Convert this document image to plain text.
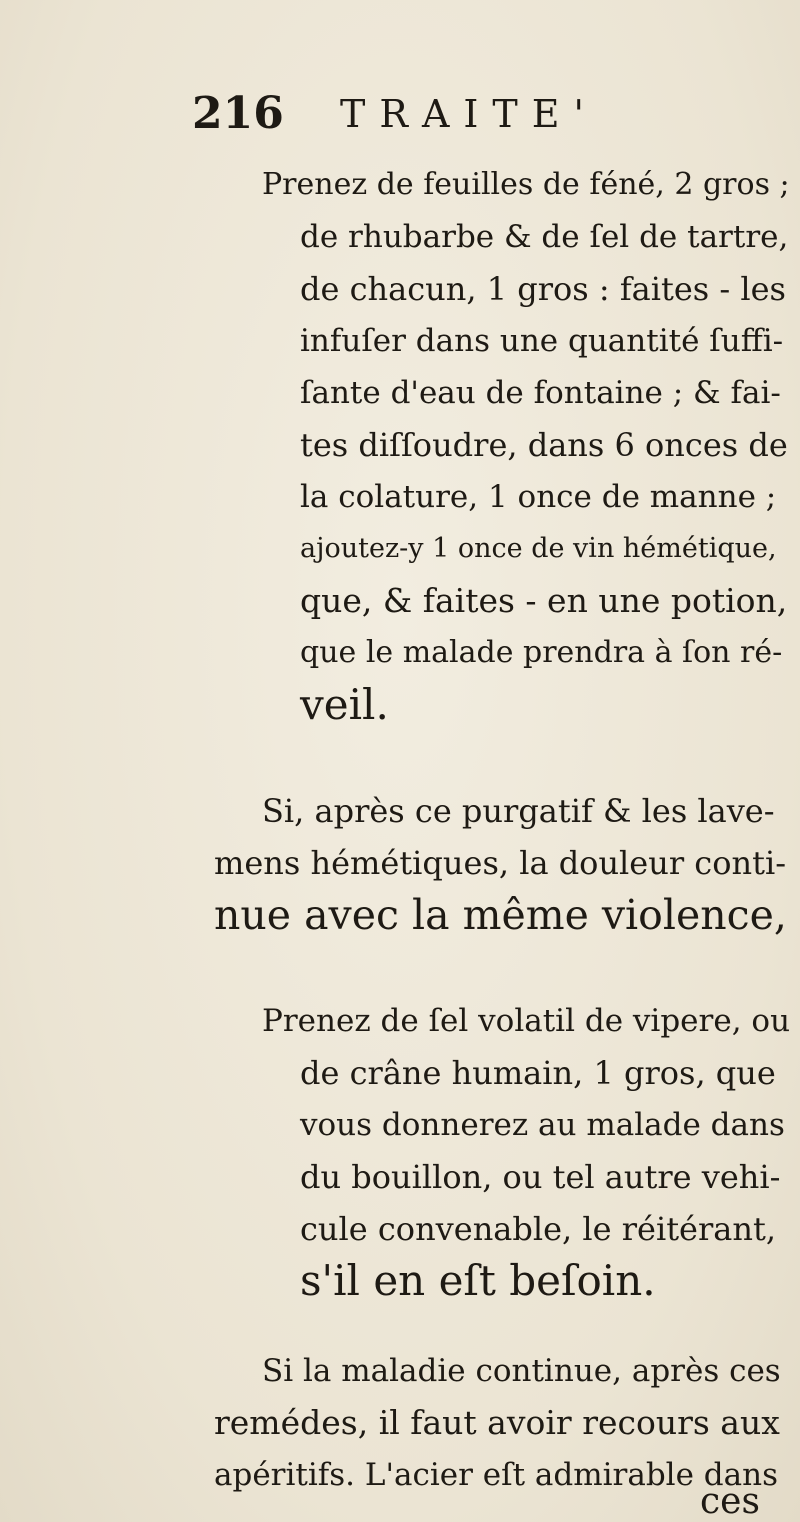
216 TRAITE'
Prenez de feuilles de féné, 2 gros ;
de rhubarbe & de ſel de tartre,
de chacun, 1 gros : faites - les
infuſer dans une quantité ſuffi-
ſante d'eau de fontaine ; & fai-
tes diſſoudre, dans 6 onces de
la colature, 1 once de manne ;
ajoutez-y 1 once de vin hémétique,
que, & faites - en une potion,
que le malade prendra à ſon ré-
veil.
Si, après ce purgatif & les lave-
mens hémétiques, la douleur conti-
nue avec la même violence,
Prenez de ſel volatil de vipere, ou
de crâne humain, 1 gros, que
vous donnerez au malade dans
du bouillon, ou tel autre vehi-
cule convenable, le réitérant,
s'il en eſt beſoin.
Si la maladie continue, après ces
remédes, il faut avoir recours aux
apéritifs. L'acier eſt admirable dans
ces
